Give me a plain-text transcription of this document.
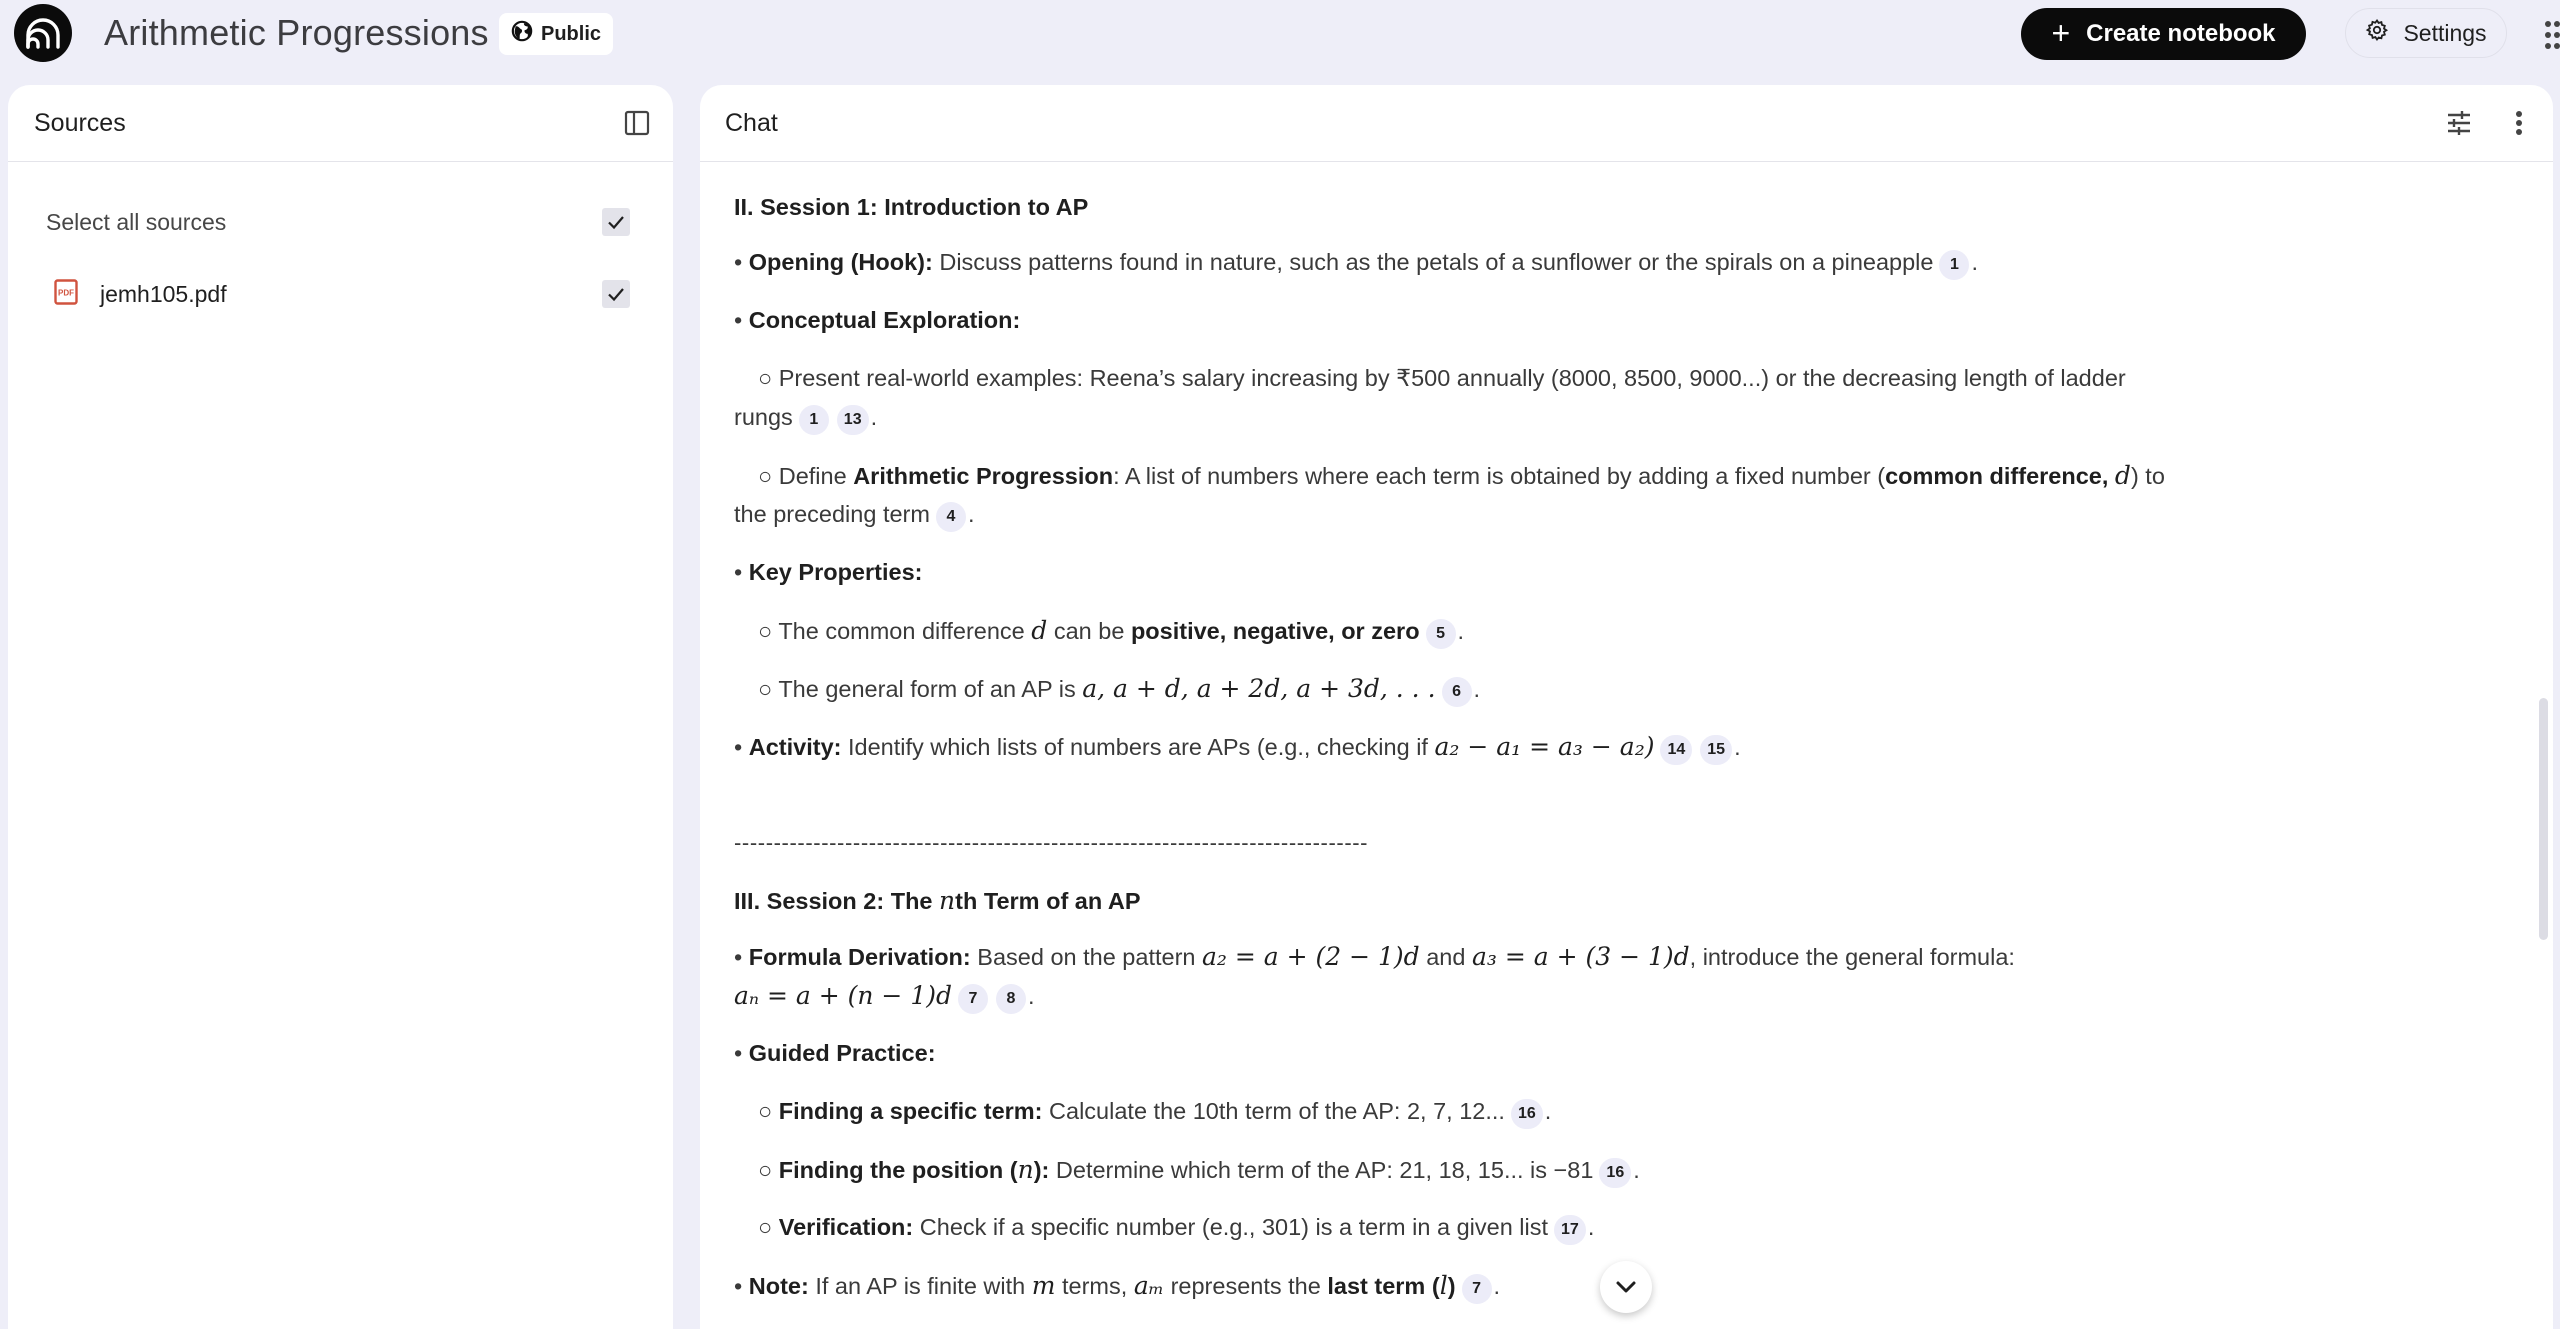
Arithmetic Progressions	Public	+ Create notebook	Settings
Sources
Select all sources
PDF jemh105.pdf
Chat
II. Session 1: Introduction to AP
• Opening (Hook): Discuss patterns found in nature, such as the petals of a sunflower or the spirals on a pineapple 1 .
• Conceptual Exploration:
○ Present real-world examples: Reena’s salary increasing by ₹500 annually (8000, 8500, 9000...) or the decreasing length of ladder
rungs 1 13 .
○ Define Arithmetic Progression: A list of numbers where each term is obtained by adding a fixed number (common difference, d) to
the preceding term 4 .
• Key Properties:
○ The common difference d can be positive, negative, or zero 5 .
○ The general form of an AP is a, a + d, a + 2d, a + 3d, . . . 6 .
• Activity: Identify which lists of numbers are APs (e.g., checking if a₂ − a₁ = a₃ − a₂) 14 15 .
--------------------------------------------------------------------------------
III. Session 2: The nth Term of an AP
• Formula Derivation: Based on the pattern a₂ = a + (2 − 1)d and a₃ = a + (3 − 1)d, introduce the general formula:
aₙ = a + (n − 1)d 7 8 .
• Guided Practice:
○ Finding a specific term: Calculate the 10th term of the AP: 2, 7, 12... 16 .
○ Finding the position (n): Determine which term of the AP: 21, 18, 15... is −81 16 .
○ Verification: Check if a specific number (e.g., 301) is a term in a given list 17 .
• Note: If an AP is finite with m terms, aₘ represents the last term (l) 7 .
